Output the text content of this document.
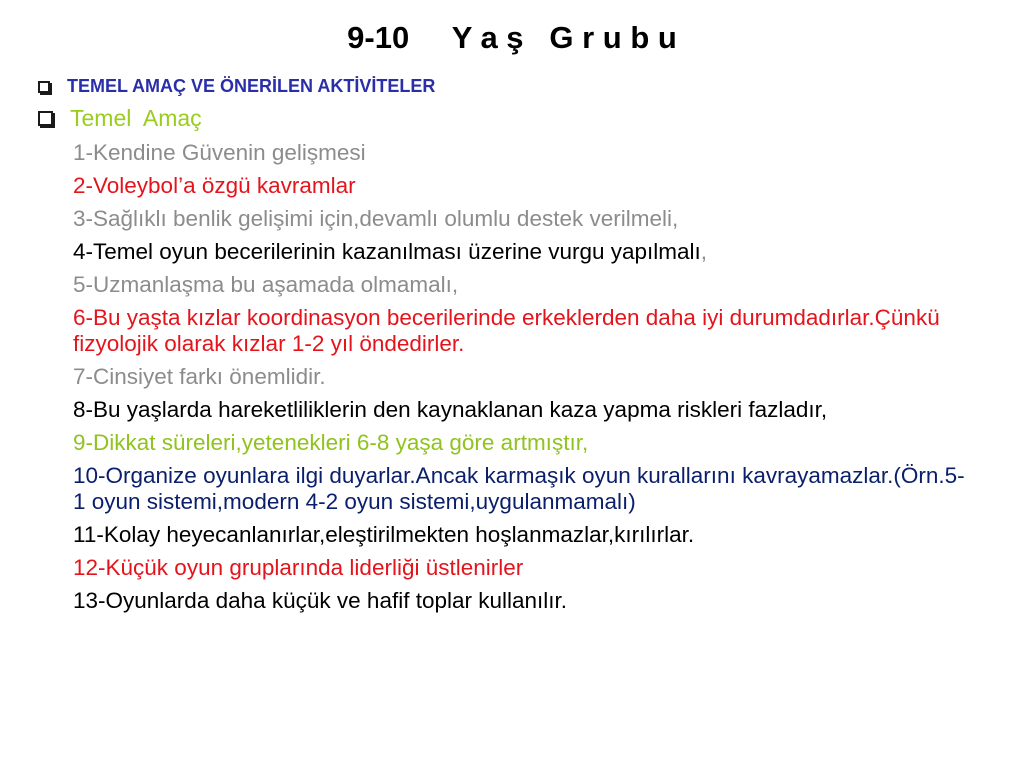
9-10     Y a ş   G r u b u
TEMEL AMAÇ VE ÖNERİLEN AKTİVİTELER
Temel  Amaç
1-Kendine Güvenin gelişmesi
2-Voleybol’a özgü kavramlar
3-Sağlıklı benlik gelişimi için,devamlı olumlu destek verilmeli,
4-Temel oyun becerilerinin kazanılması üzerine vurgu yapılmalı,
5-Uzmanlaşma bu aşamada olmamalı,
6-Bu yaşta kızlar koordinasyon becerilerinde erkeklerden daha iyi durumdadırlar.Çünkü fizyolojik olarak kızlar 1-2 yıl öndedirler.
7-Cinsiyet farkı önemlidir.
8-Bu yaşlarda hareketliliklerin den kaynaklanan kaza yapma riskleri fazladır,
9-Dikkat süreleri,yetenekleri 6-8 yaşa göre artmıştır,
10-Organize oyunlara ilgi duyarlar.Ancak karmaşık oyun kurallarını kavrayamazlar.(Örn.5-1 oyun sistemi,modern 4-2 oyun sistemi,uygulanmamalı)
11-Kolay heyecanlanırlar,eleştirilmekten hoşlanmazlar,kırılırlar.
12-Küçük oyun gruplarında liderliği üstlenirler
13-Oyunlarda daha küçük ve hafif toplar kullanılır.
